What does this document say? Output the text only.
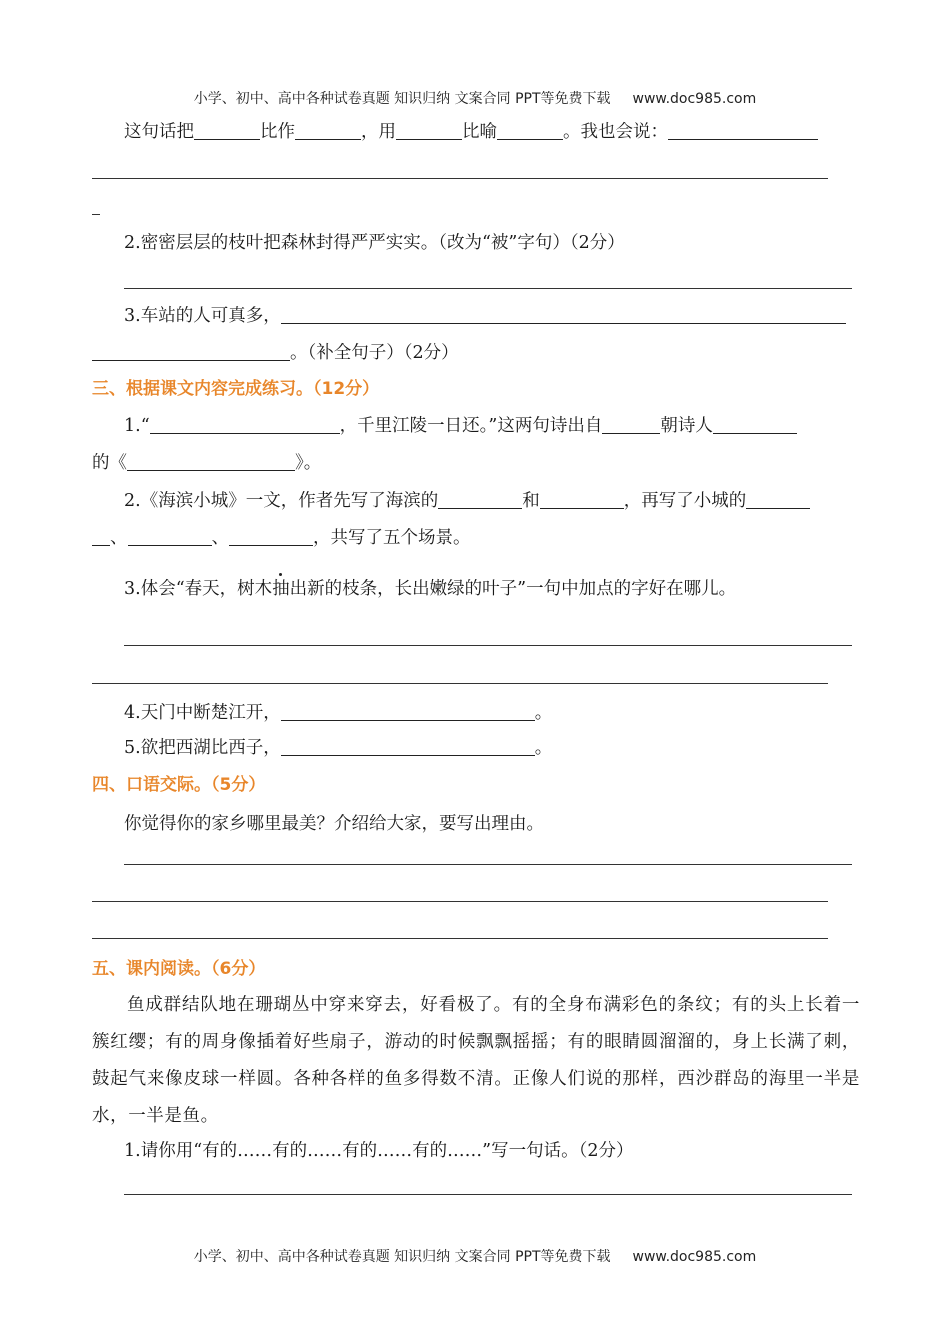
小学、初中、高中各种试卷真题 知识归纳 文案合同 PPT等免费下载 www.doc985.com
这句话把	比作	，用	比喻	。我也会说：
2.密密层层的枝叶把森林封得严严实实。（改为“被”字句）（2分）
3.车站的人可真多，
。（补全句子）（2分）
三、根据课文内容完成练习。（12分）
1.“	，千里江陵一日还。”这两句诗出自	朝诗人
的《	》。
2.《海滨小城》一文，作者先写了海滨的	和	，再写了小城的
、	、	，共写了五个场景。
3.体会“春天，树木抽出新的枝条，长出嫩绿的叶子”一句中加点的字好在哪儿。
4.天门中断楚江开，	。
5.欲把西湖比西子，	。
四、口语交际。（5分）
你觉得你的家乡哪里最美？介绍给大家，要写出理由。
五、课内阅读。（6分）
鱼成群结队地在珊瑚丛中穿来穿去，好看极了。有的全身布满彩色的条纹；有的头上长着一簇红缨；有的周身像插着好些扇子，游动的时候飘飘摇摇；有的眼睛圆溜溜的，身上长满了刺，鼓起气来像皮球一样圆。各种各样的鱼多得数不清。正像人们说的那样，西沙群岛的海里一半是水，一半是鱼。
1.请你用“有的……有的……有的……有的……”写一句话。（2分）
小学、初中、高中各种试卷真题 知识归纳 文案合同 PPT等免费下载 www.doc985.com
